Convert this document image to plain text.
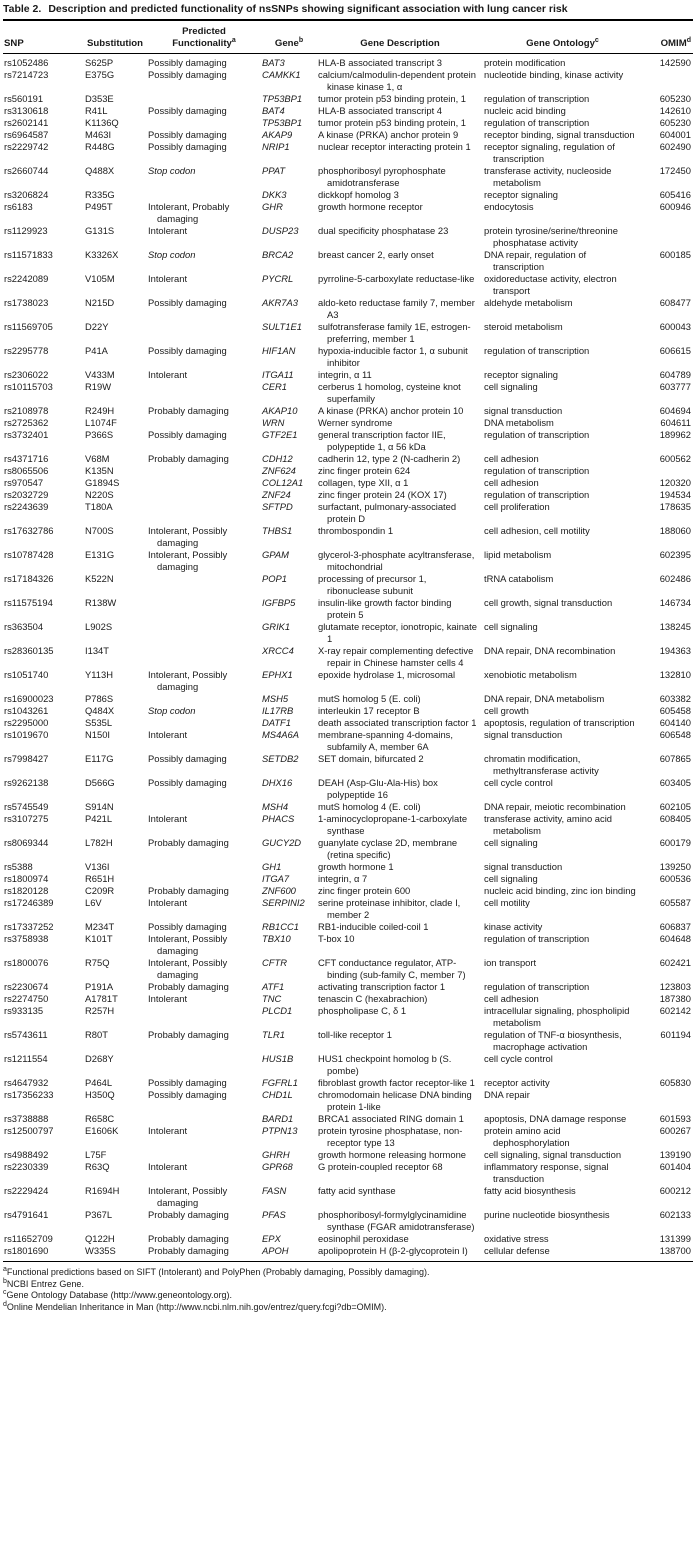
Table 2. Description and predicted functionality of nsSNPs showing significant association with lung cancer risk
SNP	Substitution	Predicted Functionality$^a$	Gene$^b$	Gene Description	Gene Ontology$^c$	OMIM$^d$
rs1052486	S625P	Possibly damaging	BAT3	HLA-B associated transcript 3	protein modification	142590
rs7214723	E375G	Possibly damaging	CAMKK1	calcium/calmodulin-dependent protein kinase kinase 1, α	nucleotide binding, kinase activity	
rs560191	D353E		TP53BP1	tumor protein p53 binding protein, 1	regulation of transcription	605230
rs3130618	R41L	Possibly damaging	BAT4	HLA-B associated transcript 4	nucleic acid binding	142610
rs2602141	K1136Q		TP53BP1	tumor protein p53 binding protein, 1	regulation of transcription	605230
rs6964587	M463I	Possibly damaging	AKAP9	A kinase (PRKA) anchor protein 9	receptor binding, signal transduction	604001
rs2229742	R448G	Possibly damaging	NRIP1	nuclear receptor interacting protein 1	receptor signaling, regulation of transcription	602490
rs2660744	Q488X	Stop codon	PPAT	phosphoribosyl pyrophosphate amidotransferase	transferase activity, nucleoside metabolism	172450
rs3206824	R335G		DKK3	dickkopf homolog 3	receptor signaling	605416
rs6183	P495T	Intolerant, Probably damaging	GHR	growth hormone receptor	endocytosis	600946
rs1129923	G131S	Intolerant	DUSP23	dual specificity phosphatase 23	protein tyrosine/serine/threonine phosphatase activity	
rs11571833	K3326X	Stop codon	BRCA2	breast cancer 2, early onset	DNA repair, regulation of transcription	600185
rs2242089	V105M	Intolerant	PYCRL	pyrroline-5-carboxylate reductase-like	oxidoreductase activity, electron transport	
rs1738023	N215D	Possibly damaging	AKR7A3	aldo-keto reductase family 7, member A3	aldehyde metabolism	608477
rs11569705	D22Y		SULT1E1	sulfotransferase family 1E, estrogen-preferring, member 1	steroid metabolism	600043
rs2295778	P41A	Possibly damaging	HIF1AN	hypoxia-inducible factor 1, α subunit inhibitor	regulation of transcription	606615
rs2306022	V433M	Intolerant	ITGA11	integrin, α 11	receptor signaling	604789
rs10115703	R19W		CER1	cerberus 1 homolog, cysteine knot superfamily	cell signaling	603777
rs2108978	R249H	Probably damaging	AKAP10	A kinase (PRKA) anchor protein 10	signal transduction	604694
rs2725362	L1074F		WRN	Werner syndrome	DNA metabolism	604611
rs3732401	P366S	Possibly damaging	GTF2E1	general transcription factor IIE, polypeptide 1, α 56 kDa	regulation of transcription	189962
rs4371716	V68M	Probably damaging	CDH12	cadherin 12, type 2 (N-cadherin 2)	cell adhesion	600562
rs8065506	K135N		ZNF624	zinc finger protein 624	regulation of transcription	
rs970547	G1894S		COL12A1	collagen, type XII, α 1	cell adhesion	120320
rs2032729	N220S		ZNF24	zinc finger protein 24 (KOX 17)	regulation of transcription	194534
rs2243639	T180A		SFTPD	surfactant, pulmonary-associated protein D	cell proliferation	178635
rs17632786	N700S	Intolerant, Possibly damaging	THBS1	thrombospondin 1	cell adhesion, cell motility	188060
rs10787428	E131G	Intolerant, Possibly damaging	GPAM	glycerol-3-phosphate acyltransferase, mitochondrial	lipid metabolism	602395
rs17184326	K522N		POP1	processing of precursor 1, ribonuclease subunit	tRNA catabolism	602486
rs11575194	R138W		IGFBP5	insulin-like growth factor binding protein 5	cell growth, signal transduction	146734
rs363504	L902S		GRIK1	glutamate receptor, ionotropic, kainate 1	cell signaling	138245
rs28360135	I134T		XRCC4	X-ray repair complementing defective repair in Chinese hamster cells 4	DNA repair, DNA recombination	194363
rs1051740	Y113H	Intolerant, Possibly damaging	EPHX1	epoxide hydrolase 1, microsomal	xenobiotic metabolism	132810
rs16900023	P786S		MSH5	mutS homolog 5 (E. coli)	DNA repair, DNA metabolism	603382
rs1043261	Q484X	Stop codon	IL17RB	interleukin 17 receptor B	cell growth	605458
rs2295000	S535L		DATF1	death associated transcription factor 1	apoptosis, regulation of transcription	604140
rs1019670	N150I	Intolerant	MS4A6A	membrane-spanning 4-domains, subfamily A, member 6A	signal transduction	606548
rs7998427	E117G	Possibly damaging	SETDB2	SET domain, bifurcated 2	chromatin modification, methyltransferase activity	607865
rs9262138	D566G	Possibly damaging	DHX16	DEAH (Asp-Glu-Ala-His) box polypeptide 16	cell cycle control	603405
rs5745549	S914N		MSH4	mutS homolog 4 (E. coli)	DNA repair, meiotic recombination	602105
rs3107275	P421L	Intolerant	PHACS	1-aminocyclopropane-1-carboxylate synthase	transferase activity, amino acid metabolism	608405
rs8069344	L782H	Probably damaging	GUCY2D	guanylate cyclase 2D, membrane (retina specific)	cell signaling	600179
rs5388	V136I		GH1	growth hormone 1	signal transduction	139250
rs1800974	R651H		ITGA7	integrin, α 7	cell signaling	600536
rs1820128	C209R	Probably damaging	ZNF600	zinc finger protein 600	nucleic acid binding, zinc ion binding	
rs17246389	L6V	Intolerant	SERPINI2	serine proteinase inhibitor, clade I, member 2	cell motility	605587
rs17337252	M234T	Possibly damaging	RB1CC1	RB1-inducible coiled-coil 1	kinase activity	606837
rs3758938	K101T	Intolerant, Possibly damaging	TBX10	T-box 10	regulation of transcription	604648
rs1800076	R75Q	Intolerant, Possibly damaging	CFTR	CFT conductance regulator, ATP-binding (sub-family C, member 7)	ion transport	602421
rs2230674	P191A	Probably damaging	ATF1	activating transcription factor 1	regulation of transcription	123803
rs2274750	A1781T	Intolerant	TNC	tenascin C (hexabrachion)	cell adhesion	187380
rs933135	R257H		PLCD1	phospholipase C, δ 1	intracellular signaling, phospholipid metabolism	602142
rs5743611	R80T	Probably damaging	TLR1	toll-like receptor 1	regulation of TNF-α biosynthesis, macrophage activation	601194
rs1211554	D268Y		HUS1B	HUS1 checkpoint homolog b (S. pombe)	cell cycle control	
rs4647932	P464L	Possibly damaging	FGFRL1	fibroblast growth factor receptor-like 1	receptor activity	605830
rs17356233	H350Q	Possibly damaging	CHD1L	chromodomain helicase DNA binding protein 1-like	DNA repair	
rs3738888	R658C		BARD1	BRCA1 associated RING domain 1	apoptosis, DNA damage response	601593
rs12500797	E1606K	Intolerant	PTPN13	protein tyrosine phosphatase, non-receptor type 13	protein amino acid dephosphorylation	600267
rs4988492	L75F		GHRH	growth hormone releasing hormone	cell signaling, signal transduction	139190
rs2230339	R63Q	Intolerant	GPR68	G protein-coupled receptor 68	inflammatory response, signal transduction	601404
rs2229424	R1694H	Intolerant, Possibly damaging	FASN	fatty acid synthase	fatty acid biosynthesis	600212
rs4791641	P367L	Probably damaging	PFAS	phosphoribosyl-formylglycinamidine synthase (FGAR amidotransferase)	purine nucleotide biosynthesis	602133
rs11652709	Q122H	Probably damaging	EPX	eosinophil peroxidase	oxidative stress	131399
rs1801690	W335S	Probably damaging	APOH	apolipoprotein H (β-2-glycoprotein I)	cellular defense	138700
$^a$Functional predictions based on SIFT (Intolerant) and PolyPhen (Probably damaging, Possibly damaging).
$^b$NCBI Entrez Gene.
$^c$Gene Ontology Database (http://www.geneontology.org).
$^d$Online Mendelian Inheritance in Man (http://www.ncbi.nlm.nih.gov/entrez/query.fcgi?db=OMIM).
